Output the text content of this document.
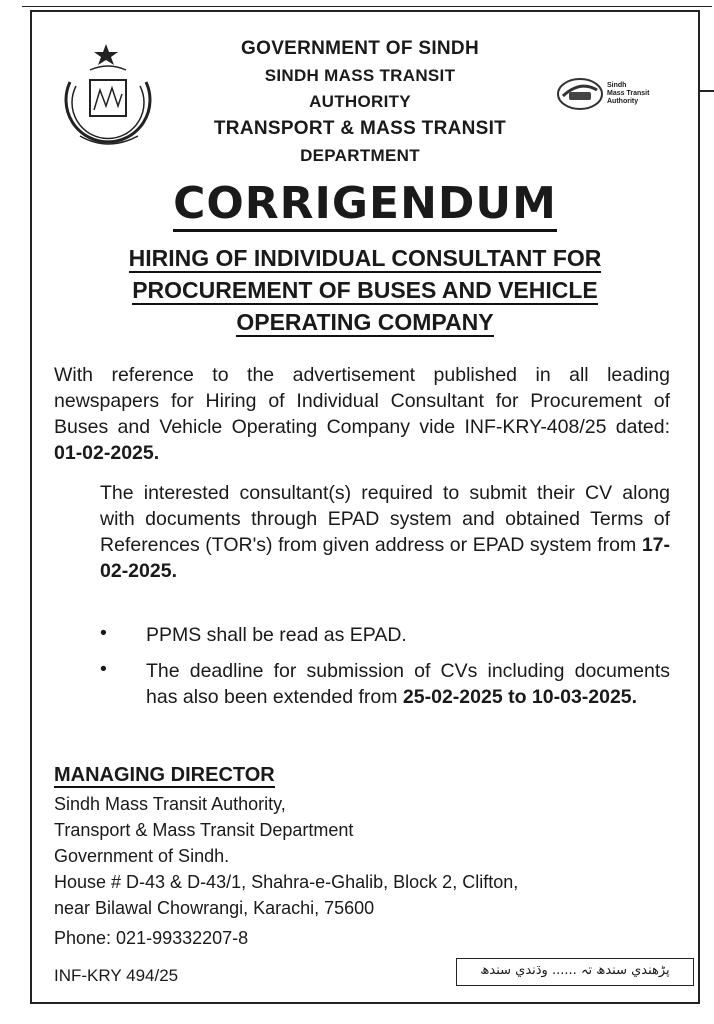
Sindh
Mass Transit
Authority
GOVERNMENT OF SINDH
SINDH MASS TRANSIT
AUTHORITY
TRANSPORT & MASS TRANSIT
DEPARTMENT
CORRIGENDUM
HIRING OF INDIVIDUAL CONSULTANT FOR
PROCUREMENT OF BUSES AND VEHICLE
OPERATING COMPANY
With reference to the advertisement published in all leading newspapers for Hiring of Individual Consultant for Procurement of Buses and Vehicle Operating Company vide INF-KRY-408/25 dated: 01-02-2025.
The interested consultant(s) required to submit their CV along with documents through EPAD system and obtained Terms of References (TOR's) from given address or EPAD system from 17-02-2025.
• PPMS shall be read as EPAD.
• The deadline for submission of CVs including documents has also been extended from 25-02-2025 to 10-03-2025.
MANAGING DIRECTOR
Sindh Mass Transit Authority,
Transport & Mass Transit Department
Government of Sindh.
House # D-43 & D-43/1, Shahra-e-Ghalib, Block 2, Clifton,
near Bilawal Chowrangi, Karachi, 75600
Phone: 021-99332207-8
INF-KRY 494/25	پڑھندي سندھ تہ ...... وڌندي سندھ
